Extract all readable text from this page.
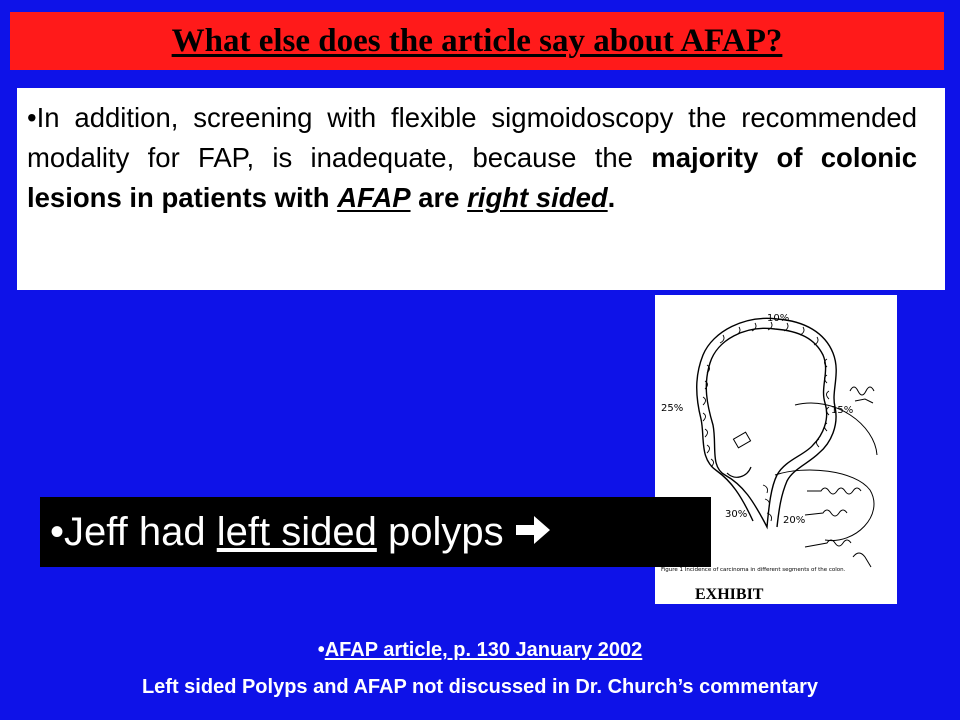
What else does the article say about AFAP?

•In addition, screening with flexible sigmoidoscopy the recommended modality for FAP, is inadequate, because the majority of colonic lesions in patients with AFAP are right sided.

10%
25%	15%
30%
20%
Figure 1 Incidence of carcinoma in different segments of the colon.
EXHIBIT
•Jeff had left sided polyps
•AFAP article, p. 130 January 2002
Left sided Polyps and AFAP not discussed in Dr. Church’s commentary
